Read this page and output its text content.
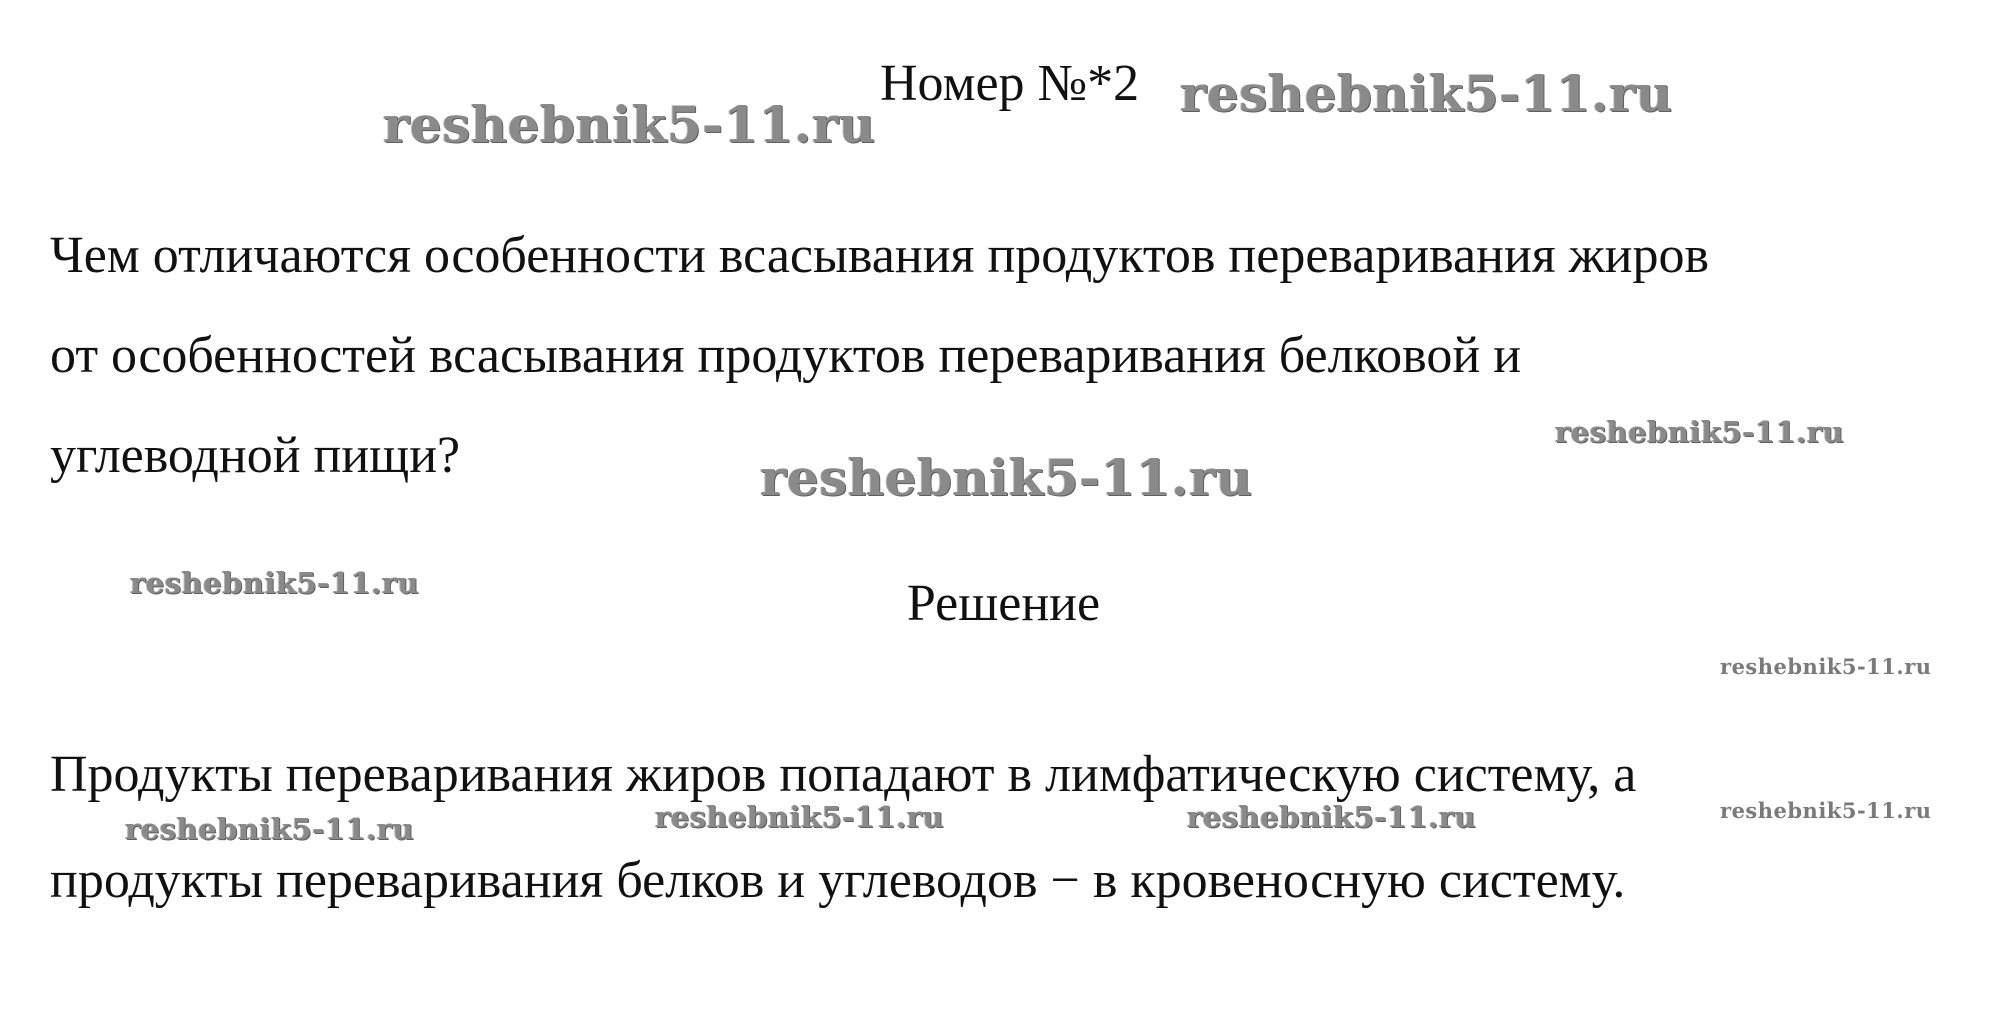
reshebnik5-11.ru
reshebnik5-11.ru
Номер №*2

Чем отличаются особенности всасывания продуктов переваривания жиров
от особенностей всасывания продуктов переваривания белковой и
углеводной пищи?	reshebnik5-11.ru
reshebnik5-11.ru
reshebnik5-11.ru	Решение
reshebnik5-11.ru

Продукты переваривания жиров попадают в лимфатическую систему, а
продукты переваривания белков и углеводов − в кровеносную систему.

reshebnik5-11.ru	reshebnik5-11.ru	reshebnik5-11.ru	reshebnik5-11.ru
